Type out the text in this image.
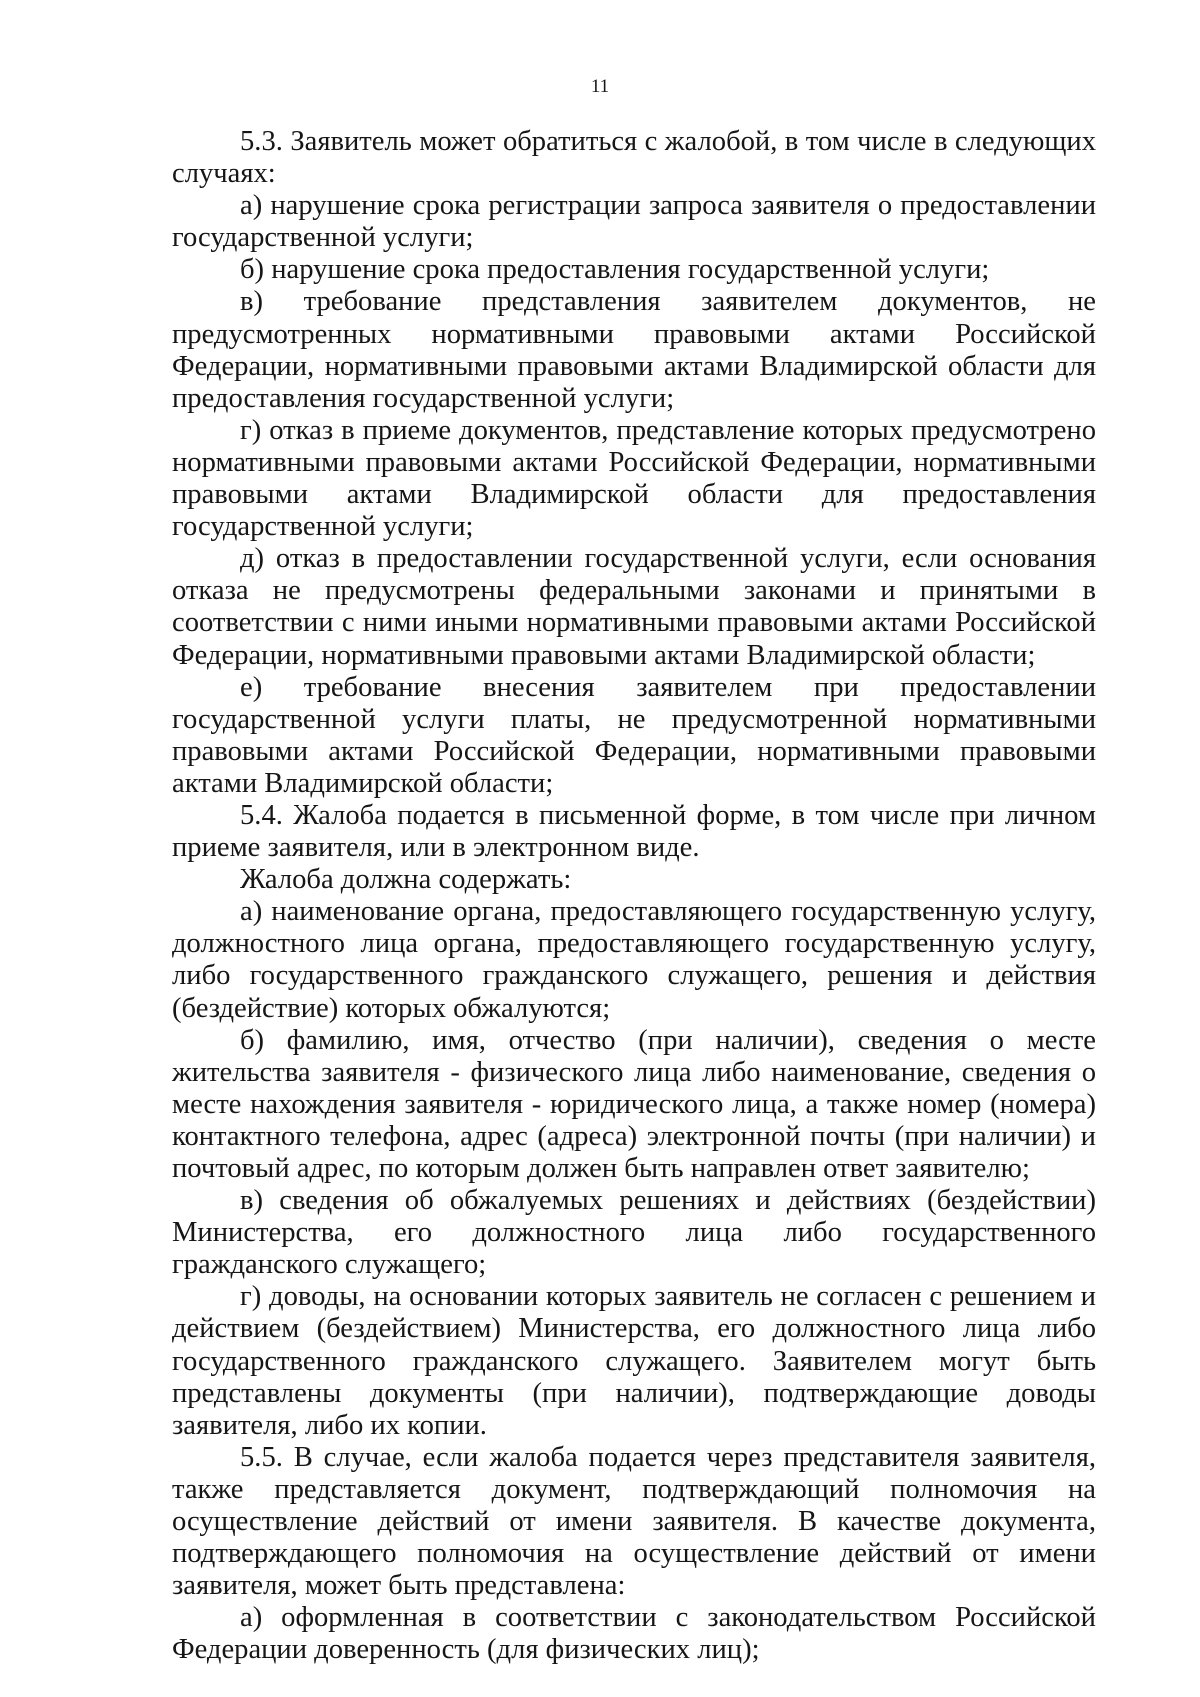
11

5.3. Заявитель может обратиться с жалобой, в том числе в следующих случаях:

а) нарушение срока регистрации запроса заявителя о предоставлении государственной услуги;

б) нарушение срока предоставления государственной услуги;

в) требование представления заявителем документов, не предусмотренных нормативными правовыми актами Российской Федерации, нормативными правовыми актами Владимирской области для предоставления государственной услуги;

г) отказ в приеме документов, представление которых предусмотрено нормативными правовыми актами Российской Федерации, нормативными правовыми актами Владимирской области для предоставления государственной услуги;

д) отказ в предоставлении государственной услуги, если основания отказа не предусмотрены федеральными законами и принятыми в соответствии с ними иными нормативными правовыми актами Российской Федерации, нормативными правовыми актами Владимирской области;

е) требование внесения заявителем при предоставлении государственной услуги платы, не предусмотренной нормативными правовыми актами Российской Федерации, нормативными правовыми актами Владимирской области;

5.4. Жалоба подается в письменной форме, в том числе при личном приеме заявителя, или в электронном виде.

Жалоба должна содержать:

а) наименование органа, предоставляющего государственную услугу, должностного лица органа, предоставляющего государственную услугу, либо государственного гражданского служащего, решения и действия (бездействие) которых обжалуются;

б) фамилию, имя, отчество (при наличии), сведения о месте жительства заявителя - физического лица либо наименование, сведения о месте нахождения заявителя - юридического лица, а также номер (номера) контактного телефона, адрес (адреса) электронной почты (при наличии) и почтовый адрес, по которым должен быть направлен ответ заявителю;

в) сведения об обжалуемых решениях и действиях (бездействии) Министерства, его должностного лица либо государственного гражданского служащего;

г) доводы, на основании которых заявитель не согласен с решением и действием (бездействием) Министерства, его должностного лица либо государственного гражданского служащего. Заявителем могут быть представлены документы (при наличии), подтверждающие доводы заявителя, либо их копии.

5.5. В случае, если жалоба подается через представителя заявителя, также представляется документ, подтверждающий полномочия на осуществление действий от имени заявителя. В качестве документа, подтверждающего полномочия на осуществление действий от имени заявителя, может быть представлена:

а) оформленная в соответствии с законодательством Российской Федерации доверенность (для физических лиц);
